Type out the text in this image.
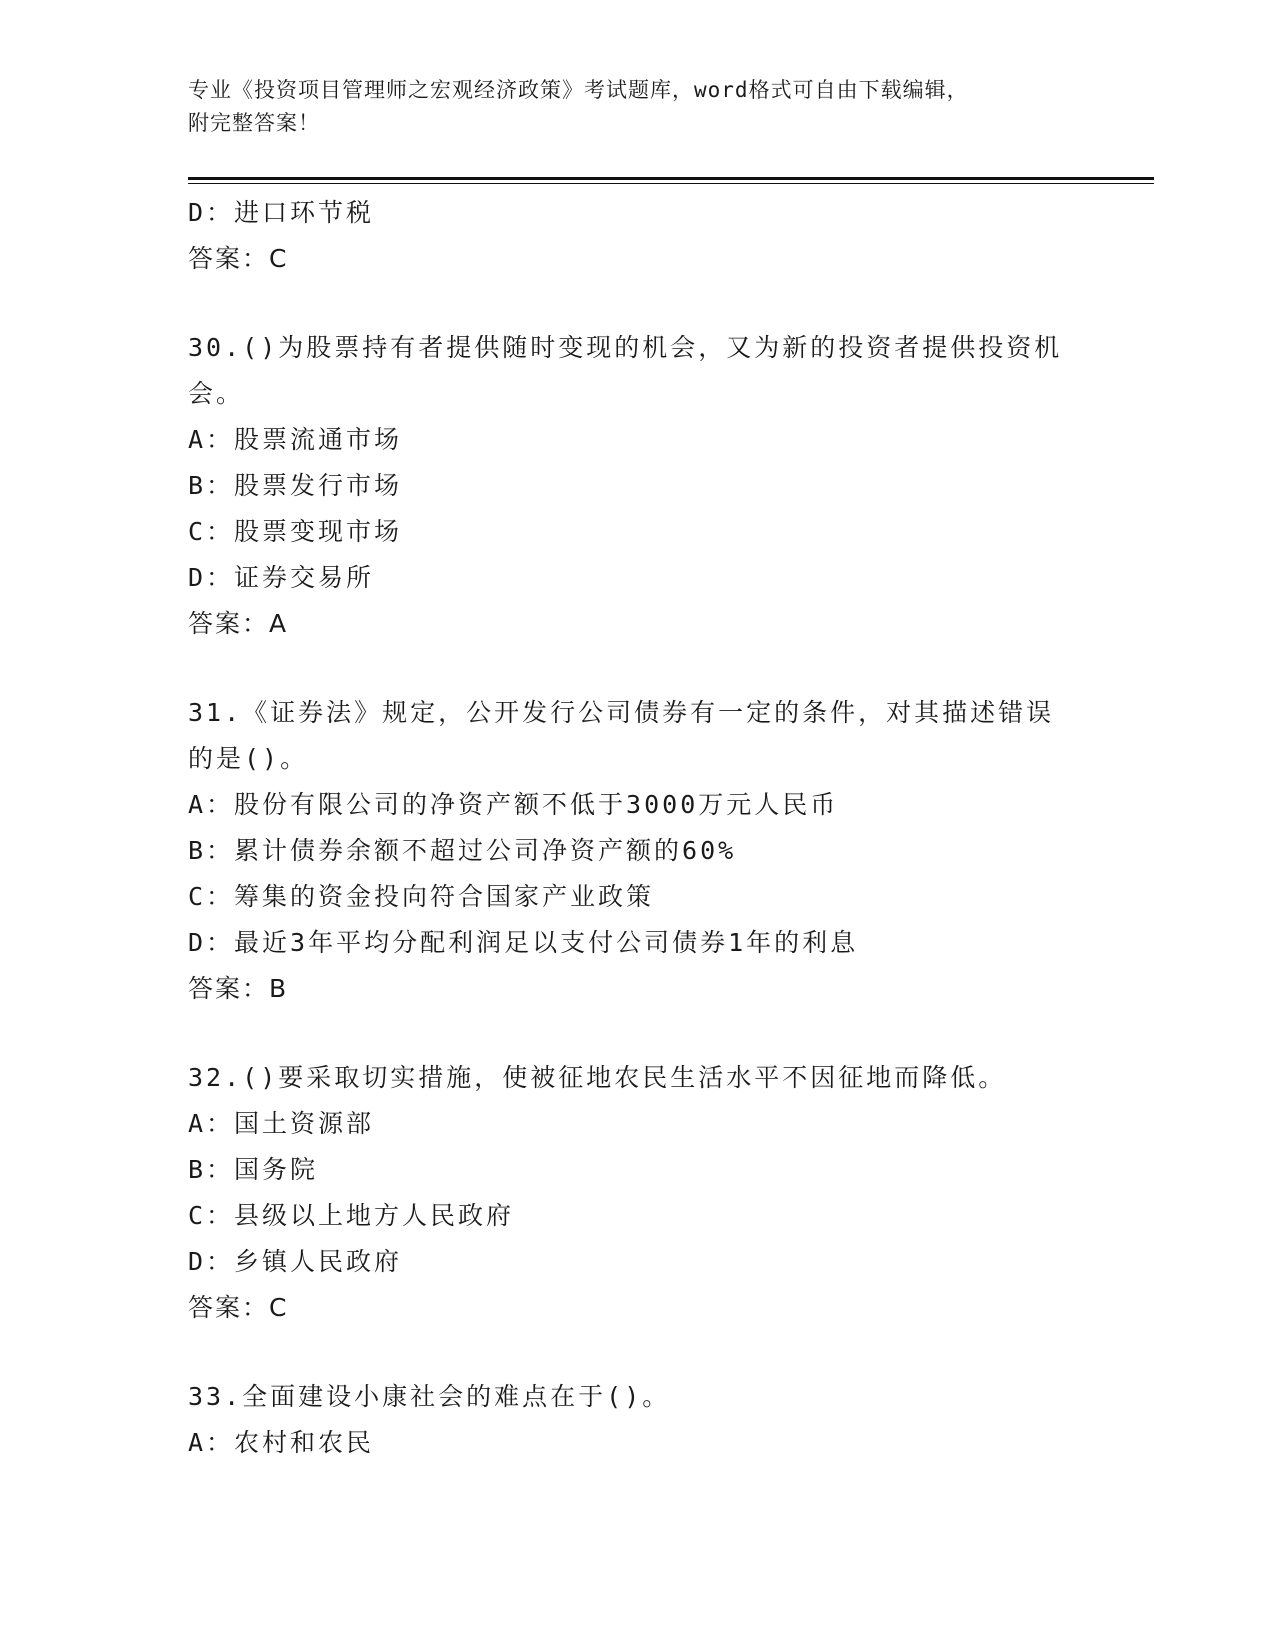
专业《投资项目管理师之宏观经济政策》考试题库，word格式可自由下载编辑，
附完整答案！
D：进口环节税
答案：C
30.()为股票持有者提供随时变现的机会，又为新的投资者提供投资机
会。
A：股票流通市场
B：股票发行市场
C：股票变现市场
D：证券交易所
答案：A
31.《证券法》规定，公开发行公司债券有一定的条件，对其描述错误
的是()。
A：股份有限公司的净资产额不低于3000万元人民币
B：累计债券余额不超过公司净资产额的60%
C：筹集的资金投向符合国家产业政策
D：最近3年平均分配利润足以支付公司债券1年的利息
答案：B
32.()要采取切实措施，使被征地农民生活水平不因征地而降低。
A：国土资源部
B：国务院
C：县级以上地方人民政府
D：乡镇人民政府
答案：C
33.全面建设小康社会的难点在于()。
A：农村和农民
